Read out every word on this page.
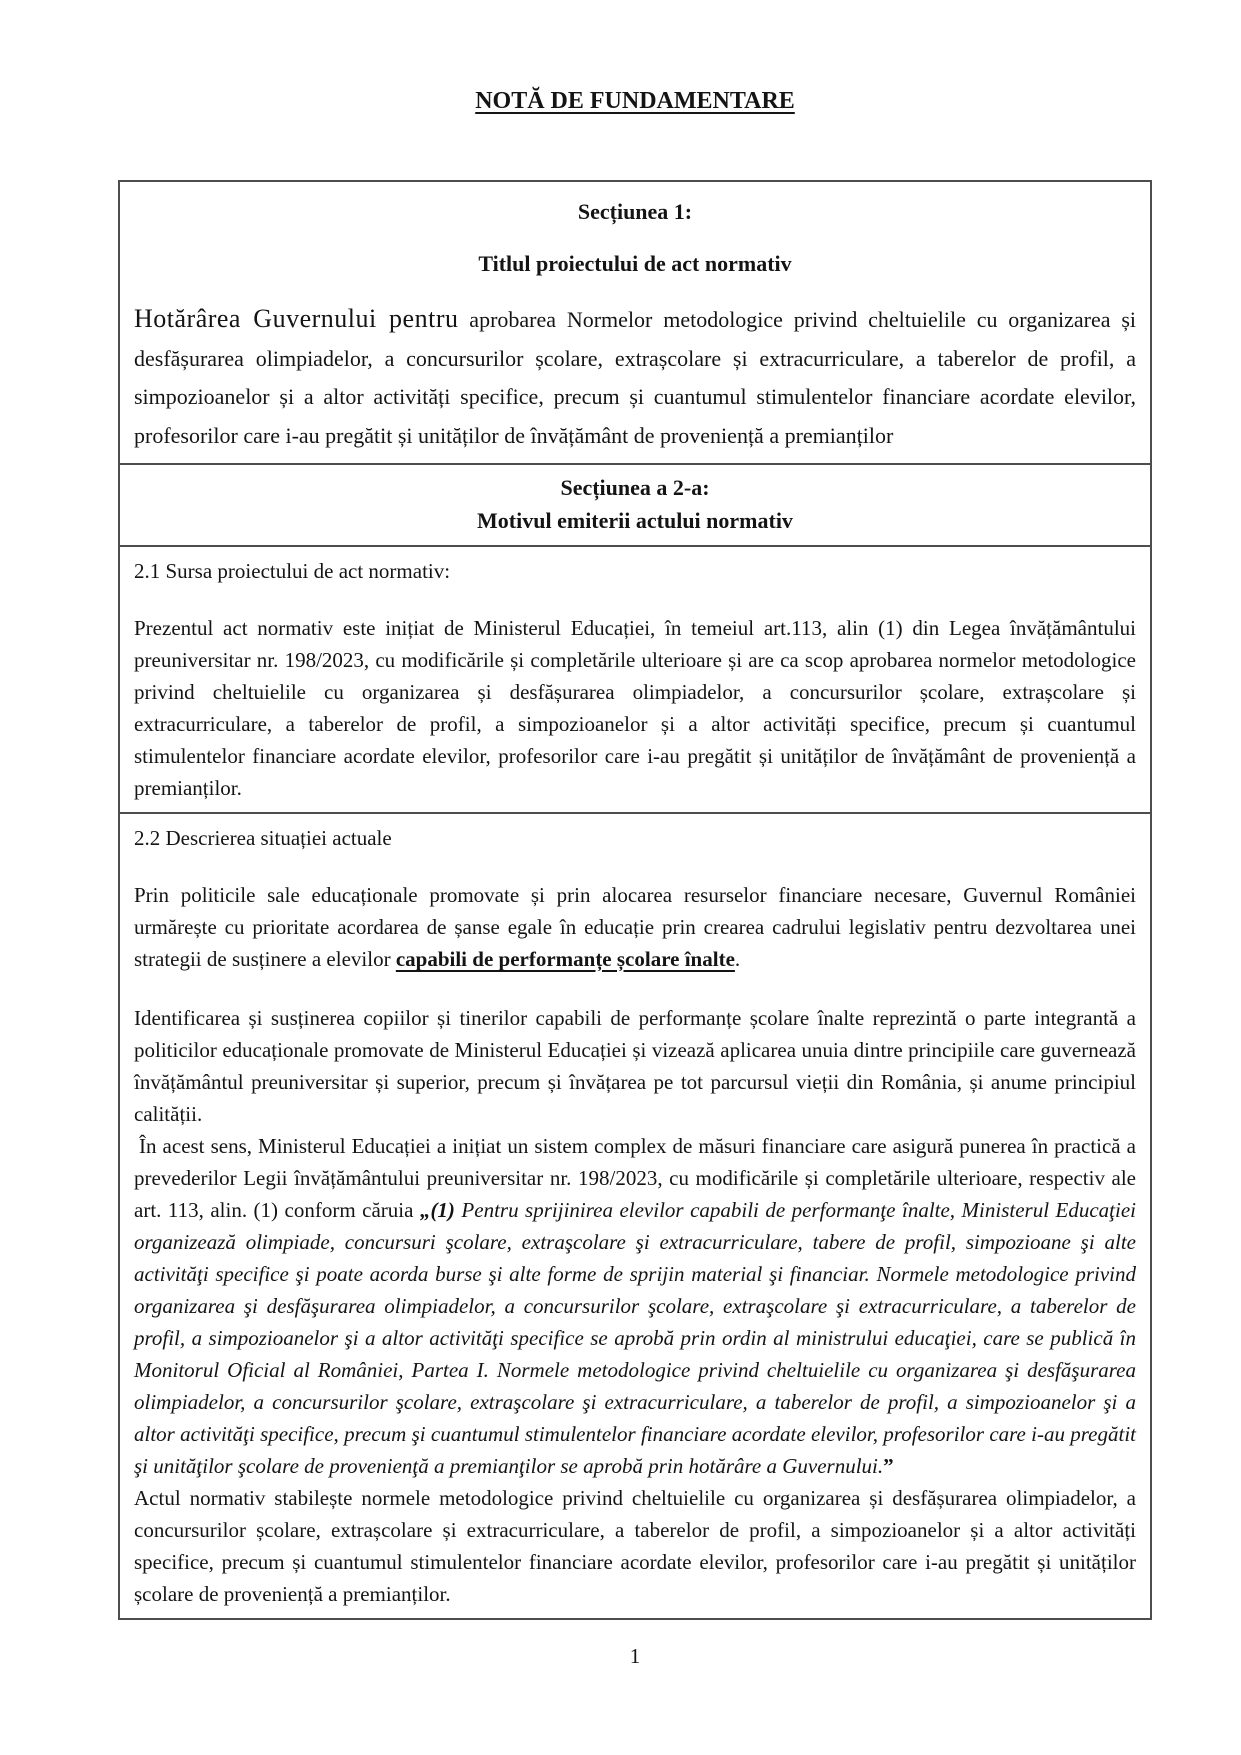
NOTĂ DE FUNDAMENTARE

Secțiunea 1:

Titlul proiectului de act normativ

Hotărârea Guvernului pentru aprobarea Normelor metodologice privind cheltuielile cu organizarea și desfășurarea olimpiadelor, a concursurilor școlare, extrașcolare și extracurriculare, a taberelor de profil, a simpozioanelor și a altor activități specifice, precum și cuantumul stimulentelor financiare acordate elevilor, profesorilor care i-au pregătit și unităților de învățământ de proveniență a premianților

Secțiunea a 2-a:

Motivul emiterii actului normativ

2.1 Sursa proiectului de act normativ:

Prezentul act normativ este inițiat de Ministerul Educației, în temeiul art.113, alin (1) din Legea învățământului preuniversitar nr. 198/2023, cu modificările și completările ulterioare și are ca scop aprobarea normelor metodologice privind cheltuielile cu organizarea și desfășurarea olimpiadelor, a concursurilor școlare, extrașcolare și extracurriculare, a taberelor de profil, a simpozioanelor și a altor activități specifice, precum și cuantumul stimulentelor financiare acordate elevilor, profesorilor care i-au pregătit și unităților de învățământ de proveniență a premianților.

2.2 Descrierea situației actuale

Prin politicile sale educaționale promovate și prin alocarea resurselor financiare necesare, Guvernul României urmărește cu prioritate acordarea de șanse egale în educație prin crearea cadrului legislativ pentru dezvoltarea unei strategii de susținere a elevilor capabili de performanțe școlare înalte.

Identificarea și susținerea copiilor și tinerilor capabili de performanțe școlare înalte reprezintă o parte integrantă a politicilor educaționale promovate de Ministerul Educației și vizează aplicarea unuia dintre principiile care guvernează învățământul preuniversitar și superior, precum și învățarea pe tot parcursul vieții din România, și anume principiul calității.

În acest sens, Ministerul Educației a inițiat un sistem complex de măsuri financiare care asigură punerea în practică a prevederilor Legii învățământului preuniversitar nr. 198/2023, cu modificările și completările ulterioare, respectiv ale art. 113, alin. (1) conform căruia „(1) Pentru sprijinirea elevilor capabili de performanţe înalte, Ministerul Educaţiei organizează olimpiade, concursuri şcolare, extraşcolare şi extracurriculare, tabere de profil, simpozioane şi alte activităţi specifice şi poate acorda burse şi alte forme de sprijin material şi financiar. Normele metodologice privind organizarea şi desfăşurarea olimpiadelor, a concursurilor şcolare, extraşcolare şi extracurriculare, a taberelor de profil, a simpozioanelor şi a altor activităţi specifice se aprobă prin ordin al ministrului educaţiei, care se publică în Monitorul Oficial al României, Partea I. Normele metodologice privind cheltuielile cu organizarea şi desfăşurarea olimpiadelor, a concursurilor şcolare, extraşcolare şi extracurriculare, a taberelor de profil, a simpozioanelor şi a altor activităţi specifice, precum şi cuantumul stimulentelor financiare acordate elevilor, profesorilor care i-au pregătit şi unităţilor şcolare de provenienţă a premianţilor se aprobă prin hotărâre a Guvernului.”

Actul normativ stabilește normele metodologice privind cheltuielile cu organizarea și desfășurarea olimpiadelor, a concursurilor școlare, extrașcolare și extracurriculare, a taberelor de profil, a simpozioanelor și a altor activități specifice, precum și cuantumul stimulentelor financiare acordate elevilor, profesorilor care i-au pregătit și unităților școlare de proveniență a premianților.

1
